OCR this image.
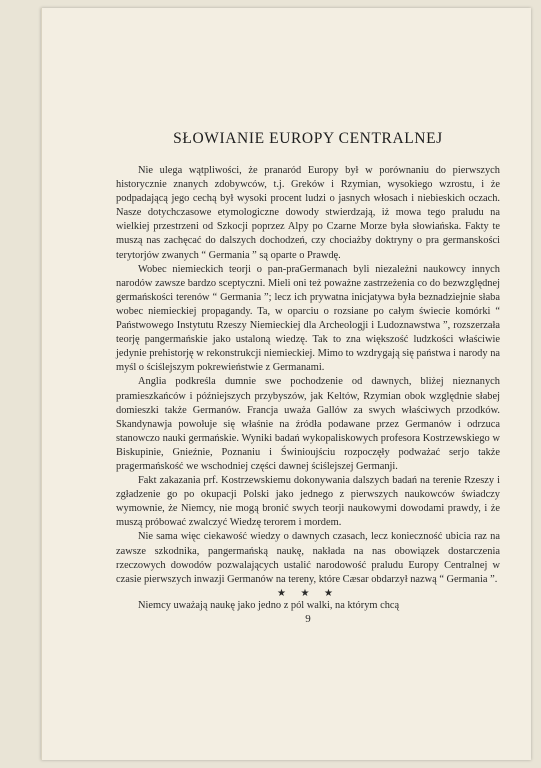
SŁOWIANIE EUROPY CENTRALNEJ

Nie ulega wątpliwości, że pranaród Europy był w porównaniu do pierwszych historycznie znanych zdobywców, t.j. Greków i Rzymian, wysokiego wzrostu, i że podpadającą jego cechą był wysoki procent ludzi o jasnych włosach i niebieskich oczach. Nasze dotychczasowe etymologiczne dowody stwierdzają, iż mowa tego praludu na wielkiej przestrzeni od Szkocji poprzez Alpy po Czarne Morze była słowiańska. Fakty te muszą nas zachęcać do dalszych dochodzeń, czy chociażby doktryny o pra germanskości terytorjów zwanych “ Germania ” są oparte o Prawdę.

Wobec niemieckich teorji o pan-praGermanach byli niezależni naukowcy innych narodów zawsze bardzo sceptyczni. Mieli oni też poważne zastrzeżenia co do bezwzględnej germańskości terenów “ Germania ”; lecz ich prywatna inicjatywa była beznadziejnie słaba wobec niemieckiej propagandy. Ta, w oparciu o rozsiane po całym świecie komórki “ Państwowego Instytutu Rzeszy Niemieckiej dla Archeologji i Ludoznawstwa ”, rozszerzała teorję pangermańskie jako ustaloną wiedzę. Tak to zna większość ludzkości właściwie jedynie prehistorję w rekonstrukcji niemieckiej. Mimo to wzdrygają się państwa i narody na myśl o ściślejszym pokrewieństwie z Germanami.

Anglia podkreśla dumnie swe pochodzenie od dawnych, bliżej nieznanych pramieszkańców i późniejszych przybyszów, jak Keltów, Rzymian obok względnie słabej domieszki także Germanów. Francja uważa Gallów za swych właściwych przodków. Skandynawja powołuje się właśnie na źródła podawane przez Germanów i odrzuca stanowczo nauki germańskie. Wyniki badań wykopaliskowych profesora Kostrzewskiego w Biskupinie, Gnieźnie, Poznaniu i Świnioujściu rozpoczęły podważać serjo także pragermańskość we wschodniej części dawnej ściślejszej Germanji.

Fakt zakazania prf. Kostrzewskiemu dokonywania dalszych badań na terenie Rzeszy i zgładzenie go po okupacji Polski jako jednego z pierwszych naukowców świadczy wymownie, że Niemcy, nie mogą bronić swych teorji naukowymi dowodami prawdy, i że muszą próbować zwalczyć Wiedzę terorem i mordem.

Nie sama więc ciekawość wiedzy o dawnych czasach, lecz konieczność ubicia raz na zawsze szkodnika, pangermańską naukę, nakłada na nas obowiązek dostarczenia rzeczowych dowodów pozwalających ustalić narodowość praludu Europy Centralnej w czasie pierwszych inwazji Germanów na tereny, które Cæsar obdarzył nazwą “ Germania ”.

★ ★ ★

Niemcy uważają naukę jako jedno z pól walki, na którym chcą

9
